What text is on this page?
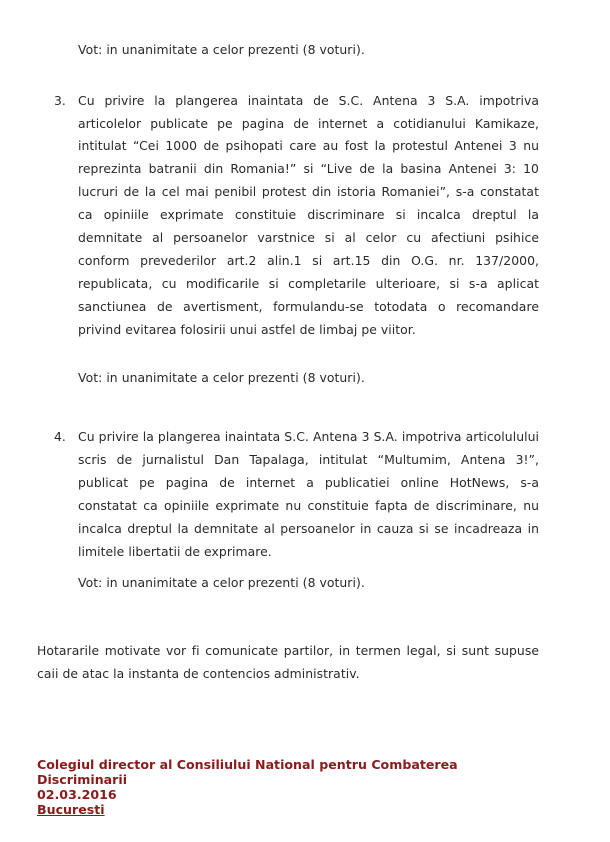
Vot: in unanimitate a celor prezenti (8 voturi).
3. Cu privire la plangerea inaintata de S.C. Antena 3 S.A. impotriva
articolelor publicate pe pagina de internet a cotidianului Kamikaze,
intitulat “Cei 1000 de psihopati care au fost la protestul Antenei 3 nu
reprezinta batranii din Romania!” si “Live de la basina Antenei 3: 10
lucruri de la cel mai penibil protest din istoria Romaniei”, s-a constatat
ca opiniile exprimate constituie discriminare si incalca dreptul la
demnitate al persoanelor varstnice si al celor cu afectiuni psihice
conform prevederilor art.2 alin.1 si art.15 din O.G. nr. 137/2000,
republicata, cu modificarile si completarile ulterioare, si s-a aplicat
sanctiunea de avertisment, formulandu-se totodata o recomandare
privind evitarea folosirii unui astfel de limbaj pe viitor.
Vot: in unanimitate a celor prezenti (8 voturi).
4. Cu privire la plangerea inaintata S.C. Antena 3 S.A. impotriva articolulului
scris de jurnalistul Dan Tapalaga, intitulat “Multumim, Antena 3!”,
publicat pe pagina de internet a publicatiei online HotNews, s-a
constatat ca opiniile exprimate nu constituie fapta de discriminare, nu
incalca dreptul la demnitate al persoanelor in cauza si se incadreaza in
limitele libertatii de exprimare.
Vot: in unanimitate a celor prezenti (8 voturi).
Hotararile motivate vor fi comunicate partilor, in termen legal, si sunt supuse
caii de atac la instanta de contencios administrativ.
Colegiul director al Consiliului National pentru Combaterea
Discriminarii
02.03.2016
Bucuresti
